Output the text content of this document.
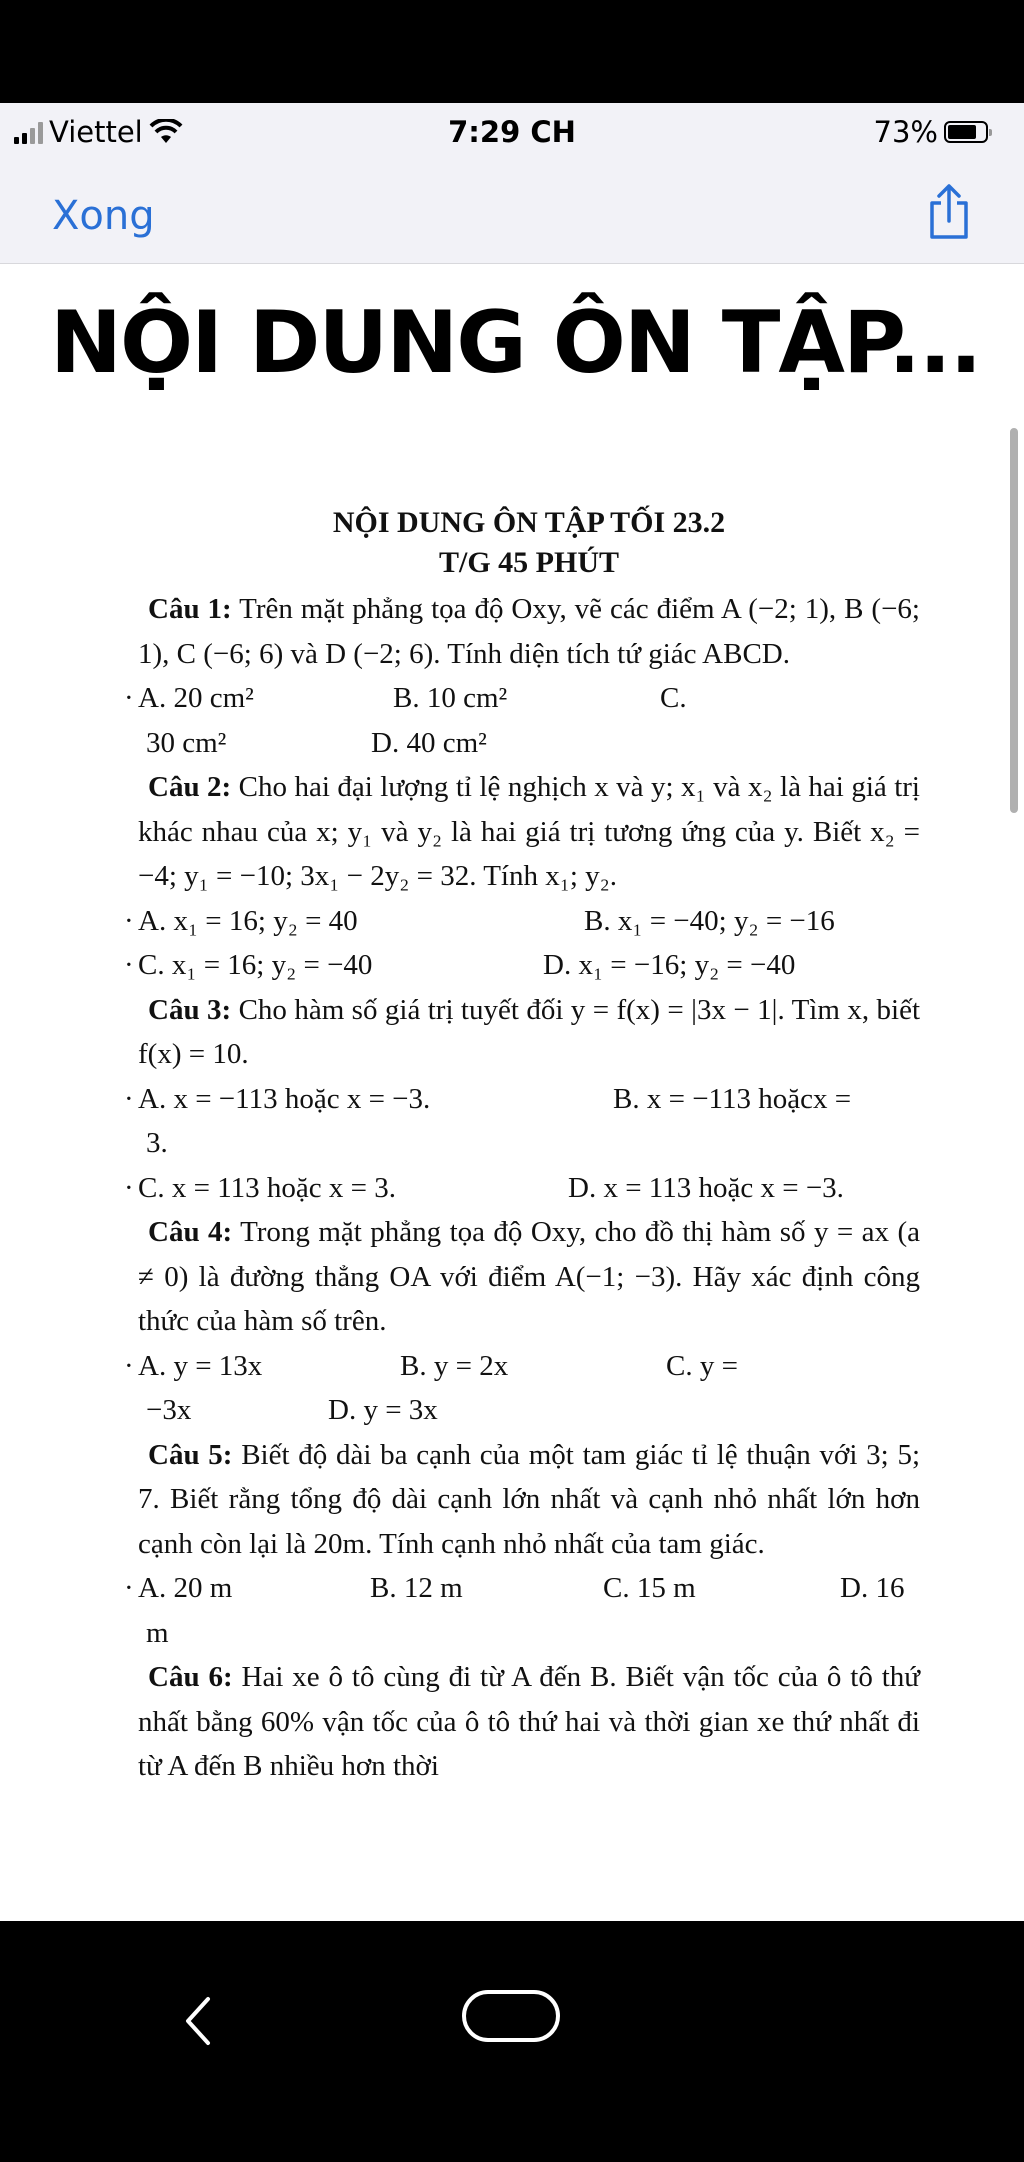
Viettel	7:29 CH	73%
Xong
NỘI DUNG ÔN TẬP...
NỘI DUNG ÔN TẬP TỐI 23.2
T/G 45 PHÚT

Câu 1: Trên mặt phẳng tọa độ Oxy, vẽ các điểm A (−2; 1), B (−6; 1), C (−6; 6) và D (−2; 6). Tính diện tích tứ giác ABCD.

· A. 20 cm²	B. 10 cm²	C.
30 cm²	D. 40 cm²

Câu 2: Cho hai đại lượng tỉ lệ nghịch x và y; x₁ và x₂ là hai giá trị khác nhau của x; y₁ và y₂ là hai giá trị tương ứng của y. Biết x₂ = −4; y₁ = −10; 3x₁ − 2y₂ = 32. Tính x₁; y₂.

· A. x₁ = 16; y₂ = 40	B. x₁ = −40; y₂ = −16
· C. x₁ = 16; y₂ = −40	D. x₁ = −16; y₂ = −40

Câu 3: Cho hàm số giá trị tuyết đối y = f(x) = |3x − 1|. Tìm x, biết f(x) = 10.

· A. x = −113 hoặc x = −3.	B. x = −113 hoặcx =
3.
· C. x = 113 hoặc x = 3.	D. x = 113 hoặc x = −3.

Câu 4: Trong mặt phẳng tọa độ Oxy, cho đồ thị hàm số y = ax (a ≠ 0) là đường thẳng OA với điểm A(−1; −3). Hãy xác định công thức của hàm số trên.

· A. y = 13x	B. y = 2x	C. y =
−3x	D. y = 3x

Câu 5: Biết độ dài ba cạnh của một tam giác tỉ lệ thuận với 3; 5; 7. Biết rằng tổng độ dài cạnh lớn nhất và cạnh nhỏ nhất lớn hơn cạnh còn lại là 20m. Tính cạnh nhỏ nhất của tam giác.

· A. 20 m	B. 12 m	C. 15 m	D. 16
m

Câu 6: Hai xe ô tô cùng đi từ A đến B. Biết vận tốc của ô tô thứ nhất bằng 60% vận tốc của ô tô thứ hai và thời gian xe thứ nhất đi từ A đến B nhiều hơn thời
